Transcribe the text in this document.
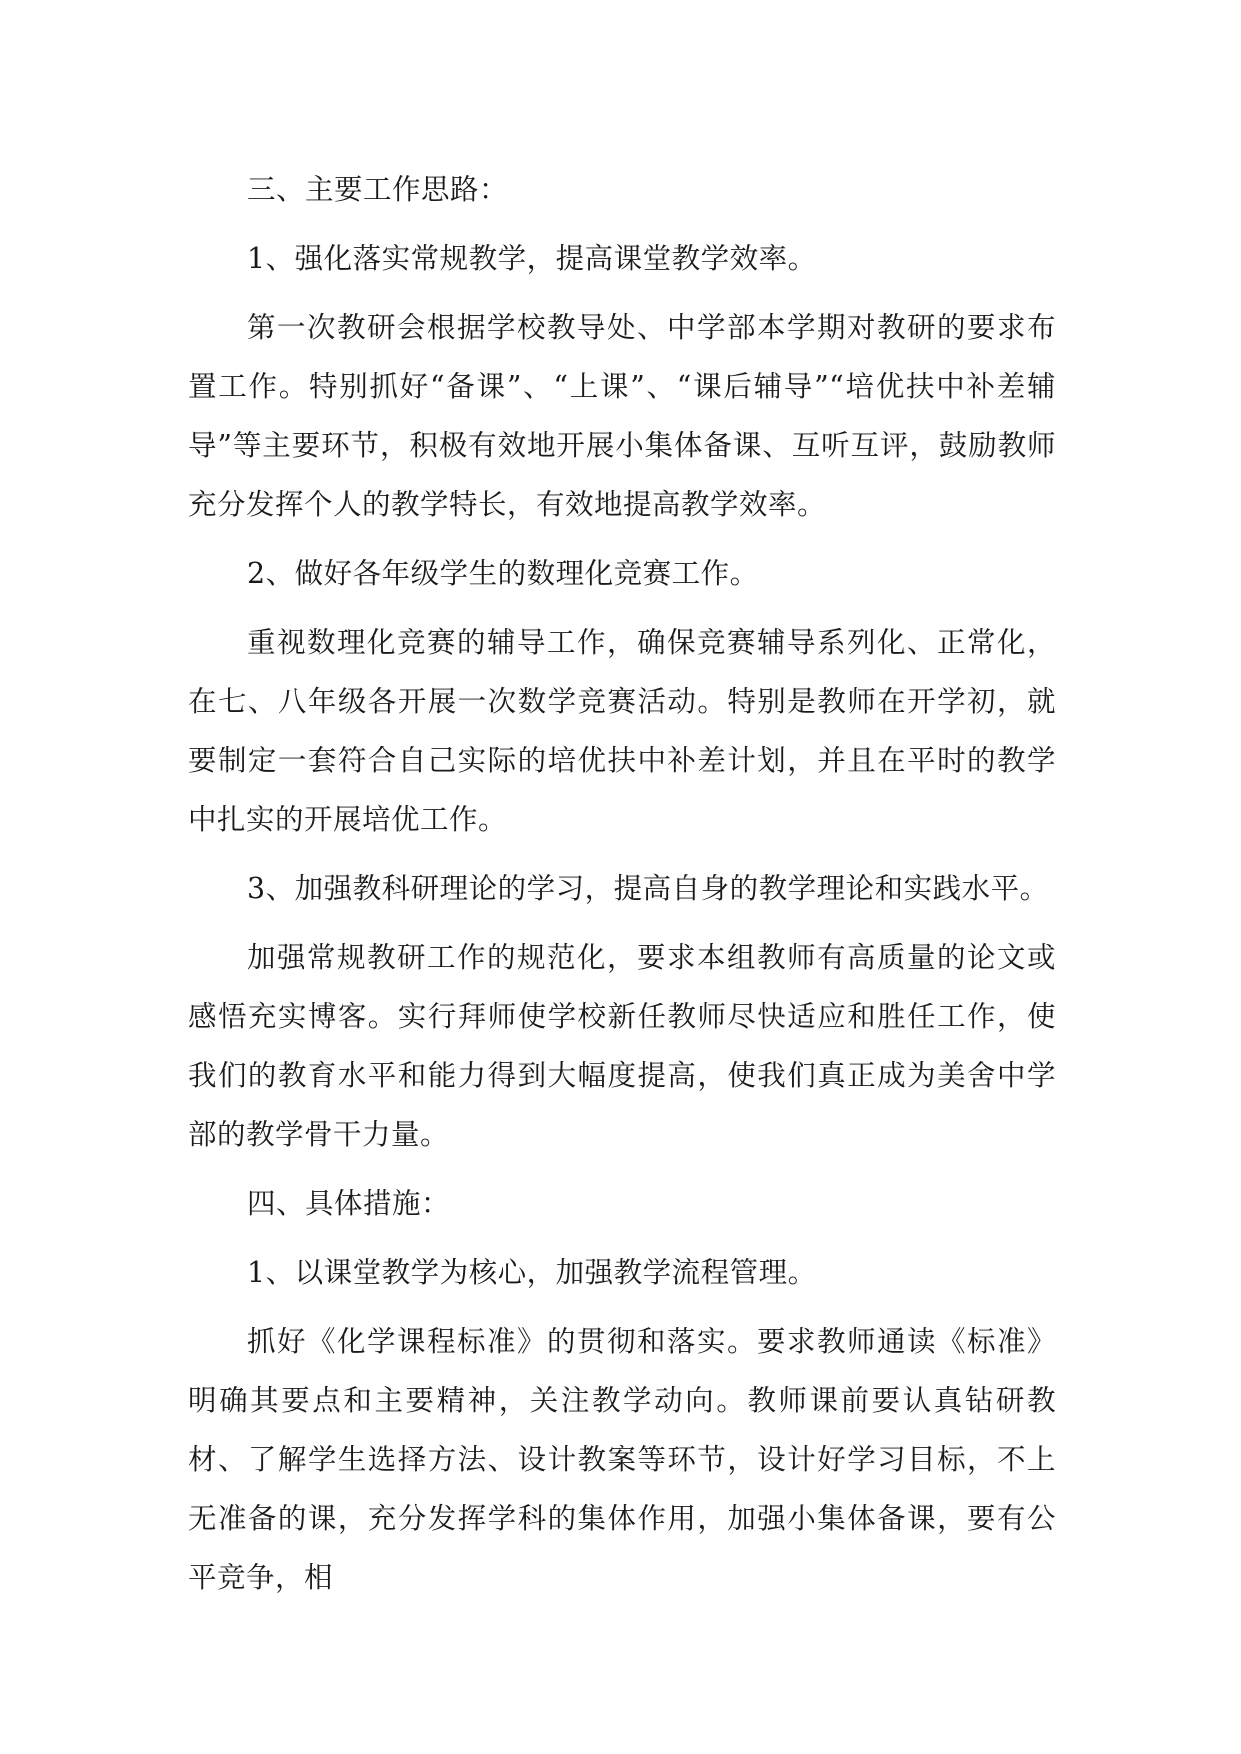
三、主要工作思路：

1、强化落实常规教学，提高课堂教学效率。

第一次教研会根据学校教导处、中学部本学期对教研的要求布置工作。特别抓好“备课”、“上课”、“课后辅导”“培优扶中补差辅导”等主要环节，积极有效地开展小集体备课、互听互评，鼓励教师充分发挥个人的教学特长，有效地提高教学效率。

2、做好各年级学生的数理化竞赛工作。

重视数理化竞赛的辅导工作，确保竞赛辅导系列化、正常化，在七、八年级各开展一次数学竞赛活动。特别是教师在开学初，就要制定一套符合自己实际的培优扶中补差计划，并且在平时的教学中扎实的开展培优工作。

3、加强教科研理论的学习，提高自身的教学理论和实践水平。

加强常规教研工作的规范化，要求本组教师有高质量的论文或感悟充实博客。实行拜师使学校新任教师尽快适应和胜任工作，使我们的教育水平和能力得到大幅度提高，使我们真正成为美舍中学部的教学骨干力量。

四、具体措施：

1、以课堂教学为核心，加强教学流程管理。

抓好《化学课程标准》的贯彻和落实。要求教师通读《标准》明确其要点和主要精神，关注教学动向。教师课前要认真钻研教材、了解学生选择方法、设计教案等环节，设计好学习目标，不上无准备的课，充分发挥学科的集体作用，加强小集体备课，要有公平竞争，相
